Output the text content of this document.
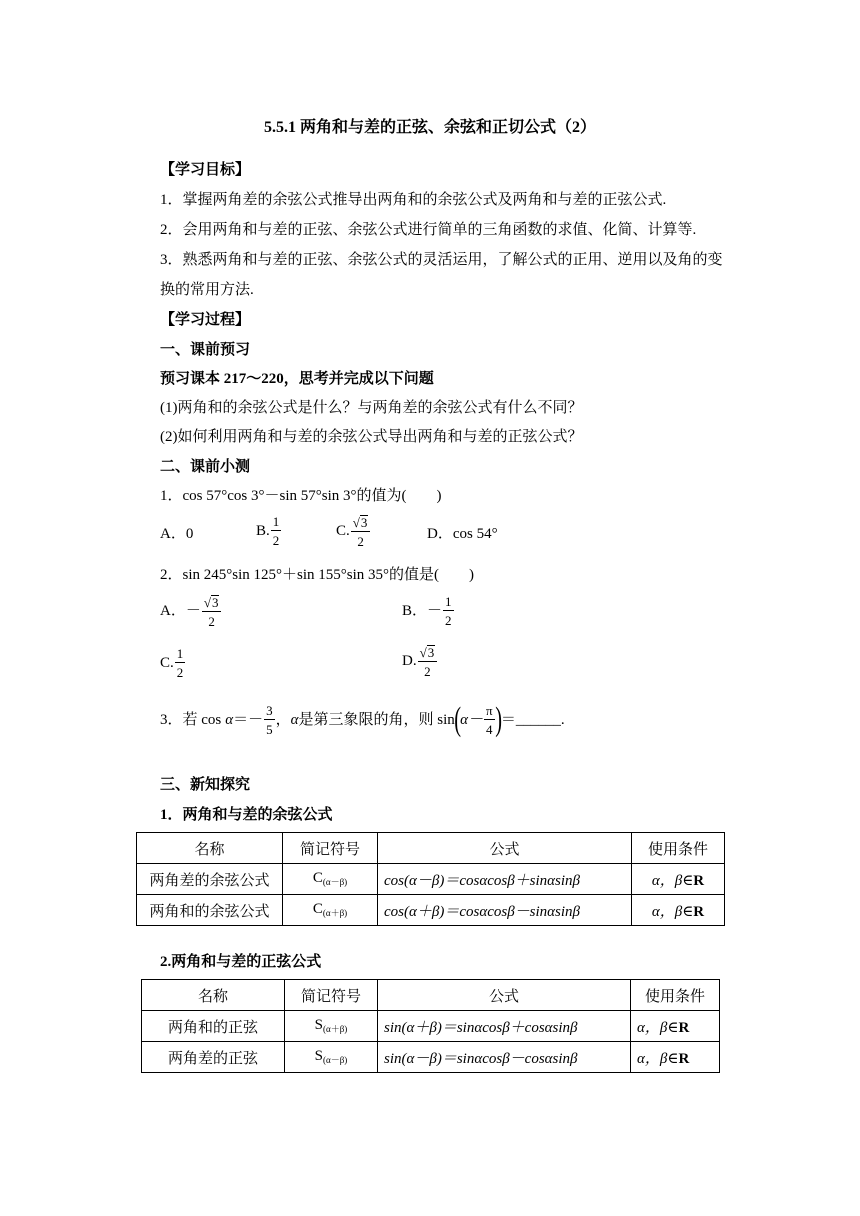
5.5.1 两角和与差的正弦、余弦和正切公式（2）
【学习目标】
1．掌握两角差的余弦公式推导出两角和的余弦公式及两角和与差的正弦公式.
2．会用两角和与差的正弦、余弦公式进行简单的三角函数的求值、化简、计算等.
3．熟悉两角和与差的正弦、余弦公式的灵活运用，了解公式的正用、逆用以及角的变
换的常用方法.
【学习过程】
一、课前预习
预习课本 217～220，思考并完成以下问题
(1)两角和的余弦公式是什么？与两角差的余弦公式有什么不同？
(2)如何利用两角和与差的余弦公式导出两角和与差的正弦公式？
二、课前小测
1．cos 57°cos 3°－sin 57°sin 3°的值为(　　)
A．0	B. $\frac{1}{2}$	C. $\frac{√3}{2}$	D．cos 54°
2．sin 245°sin 125°＋sin 155°sin 35°的值是(　　)
A．－ $\frac{√3}{2}$	B．－ $\frac{1}{2}$
C. $\frac{1}{2}$	D. $\frac{√3}{2}$
3．若 $\cos \alpha =- \frac{3}{5}$ ， α 是第三象限的角，则 sin ( $\alpha- \frac{\pi}{4}$ ) ＝______.
三、新知探究
1．两角和与差的余弦公式
名称	简记符号	公式	使用条件
两角差的余弦公式	$C_{(\alpha-\beta)}$	cos(α－β)＝cosαcosβ＋sinαsinβ	α，β∈R
两角和的余弦公式	$C_{(\alpha+\beta)}$	cos(α＋β)＝cosαcosβ－sinαsinβ	α，β∈R
2.两角和与差的正弦公式
名称	简记符号	公式	使用条件
两角和的正弦	$S_{(\alpha+\beta)}$	sin(α＋β)＝sinαcosβ＋cosαsinβ	α，β∈R
两角差的正弦	$S_{(\alpha-\beta)}$	sin(α－β)＝sinαcosβ－cosαsinβ	α，β∈R
